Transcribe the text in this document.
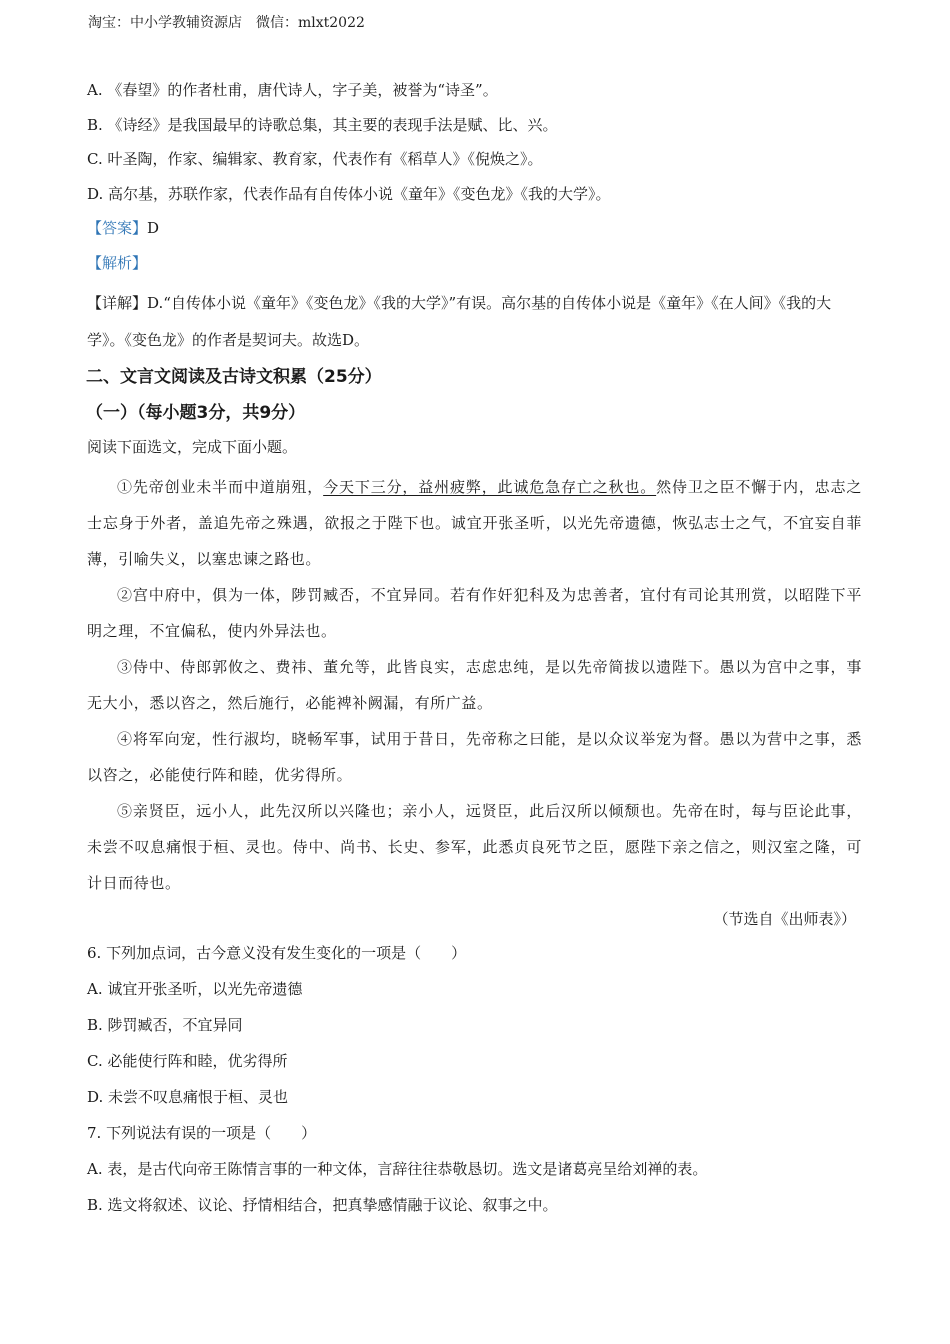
淘宝：中小学教辅资源店　微信：mlxt2022
A. 《春望》的作者杜甫，唐代诗人，字子美，被誉为“诗圣”。
B. 《诗经》是我国最早的诗歌总集，其主要的表现手法是赋、比、兴。
C. 叶圣陶，作家、编辑家、教育家，代表作有《稻草人》《倪焕之》。
D. 高尔基，苏联作家，代表作品有自传体小说《童年》《变色龙》《我的大学》。
【答案】D
【解析】
【详解】D.“自传体小说《童年》《变色龙》《我的大学》”有误。高尔基的自传体小说是《童年》《在人间》《我的大学》。《变色龙》的作者是契诃夫。故选D。
二、文言文阅读及古诗文积累（25分）
（一）（每小题3分，共9分）
阅读下面选文，完成下面小题。

①先帝创业未半而中道崩殂，今天下三分，益州疲弊，此诚危急存亡之秋也。然侍卫之臣不懈于内，忠志之士忘身于外者，盖追先帝之殊遇，欲报之于陛下也。诚宜开张圣听，以光先帝遗德，恢弘志士之气，不宜妄自菲薄，引喻失义，以塞忠谏之路也。

②宫中府中，俱为一体，陟罚臧否，不宜异同。若有作奸犯科及为忠善者，宜付有司论其刑赏，以昭陛下平明之理，不宜偏私，使内外异法也。

③侍中、侍郎郭攸之、费祎、董允等，此皆良实，志虑忠纯，是以先帝简拔以遗陛下。愚以为宫中之事，事无大小，悉以咨之，然后施行，必能裨补阙漏，有所广益。

④将军向宠，性行淑均，晓畅军事，试用于昔日，先帝称之曰能，是以众议举宠为督。愚以为营中之事，悉以咨之，必能使行阵和睦，优劣得所。

⑤亲贤臣，远小人，此先汉所以兴隆也；亲小人，远贤臣，此后汉所以倾颓也。先帝在时，每与臣论此事，未尝不叹息痛恨于桓、灵也。侍中、尚书、长史、参军，此悉贞良死节之臣，愿陛下亲之信之，则汉室之隆，可计日而待也。

（节选自《出师表》）
6. 下列加点词，古今意义没有发生变化的一项是（　　）
A. 诚宜开张圣听，以光先帝遗德
B. 陟罚臧否，不宜异同
C. 必能使行阵和睦，优劣得所
D. 未尝不叹息痛恨于桓、灵也
7. 下列说法有误的一项是（　　）
A. 表，是古代向帝王陈情言事的一种文体，言辞往往恭敬恳切。选文是诸葛亮呈给刘禅的表。
B. 选文将叙述、议论、抒情相结合，把真挚感情融于议论、叙事之中。
